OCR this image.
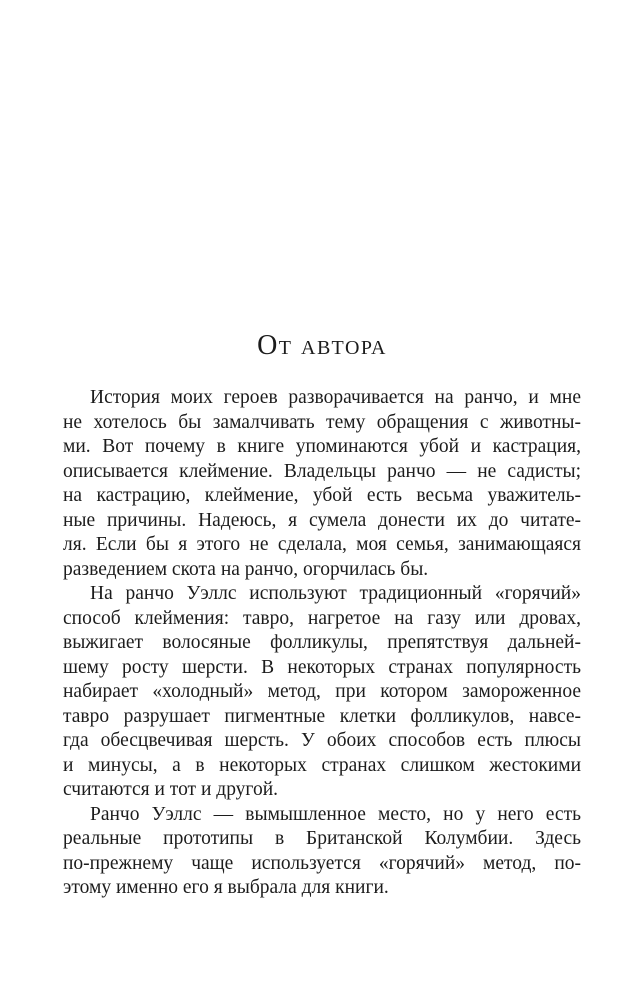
От автора
История моих героев разворачивается на ранчо, и мне
не хотелось бы замалчивать тему обращения с животны-
ми. Вот почему в книге упоминаются убой и кастрация,
описывается клеймение. Владельцы ранчо — не садисты;
на кастрацию, клеймение, убой есть весьма уважитель-
ные причины. Надеюсь, я сумела донести их до читате-
ля. Если бы я этого не сделала, моя семья, занимающаяся
разведением скота на ранчо, огорчилась бы.
На ранчо Уэллс используют традиционный «горячий»
способ клеймения: тавро, нагретое на газу или дровах,
выжигает волосяные фолликулы, препятствуя дальней-
шему росту шерсти. В некоторых странах популярность
набирает «холодный» метод, при котором замороженное
тавро разрушает пигментные клетки фолликулов, навсе-
гда обесцвечивая шерсть. У обоих способов есть плюсы
и минусы, а в некоторых странах слишком жестокими
считаются и тот и другой.
Ранчо Уэллс — вымышленное место, но у него есть
реальные прототипы в Британской Колумбии. Здесь
по-прежнему чаще используется «горячий» метод, по-
этому именно его я выбрала для книги.
